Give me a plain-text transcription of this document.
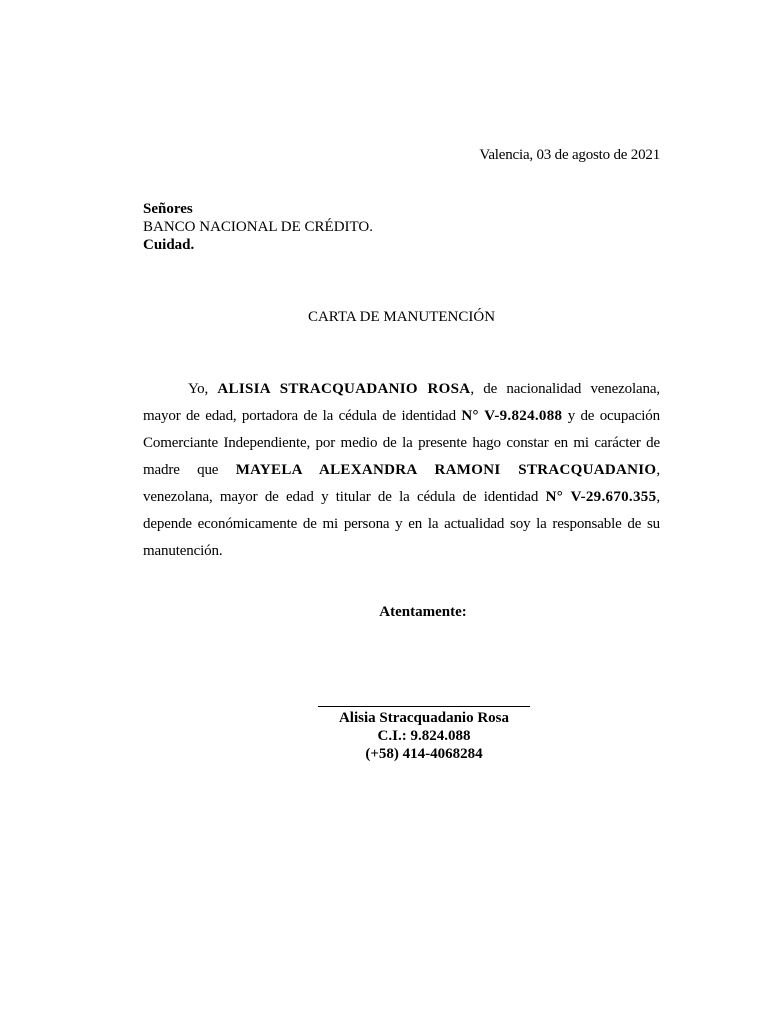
Valencia, 03 de agosto de 2021
Señores
BANCO NACIONAL DE CRÉDITO.
Cuidad.
CARTA DE MANUTENCIÓN
Yo, ALISIA STRACQUADANIO ROSA, de nacionalidad venezolana, mayor de edad, portadora de la cédula de identidad N° V-9.824.088 y de ocupación Comerciante Independiente, por medio de la presente hago constar en mi carácter de madre que MAYELA ALEXANDRA RAMONI STRACQUADANIO, venezolana, mayor de edad y titular de la cédula de identidad N° V-29.670.355, depende económicamente de mi persona y en la actualidad soy la responsable de su manutención.
Atentamente:
Alisia Stracquadanio Rosa
C.I.: 9.824.088
(+58) 414-4068284
